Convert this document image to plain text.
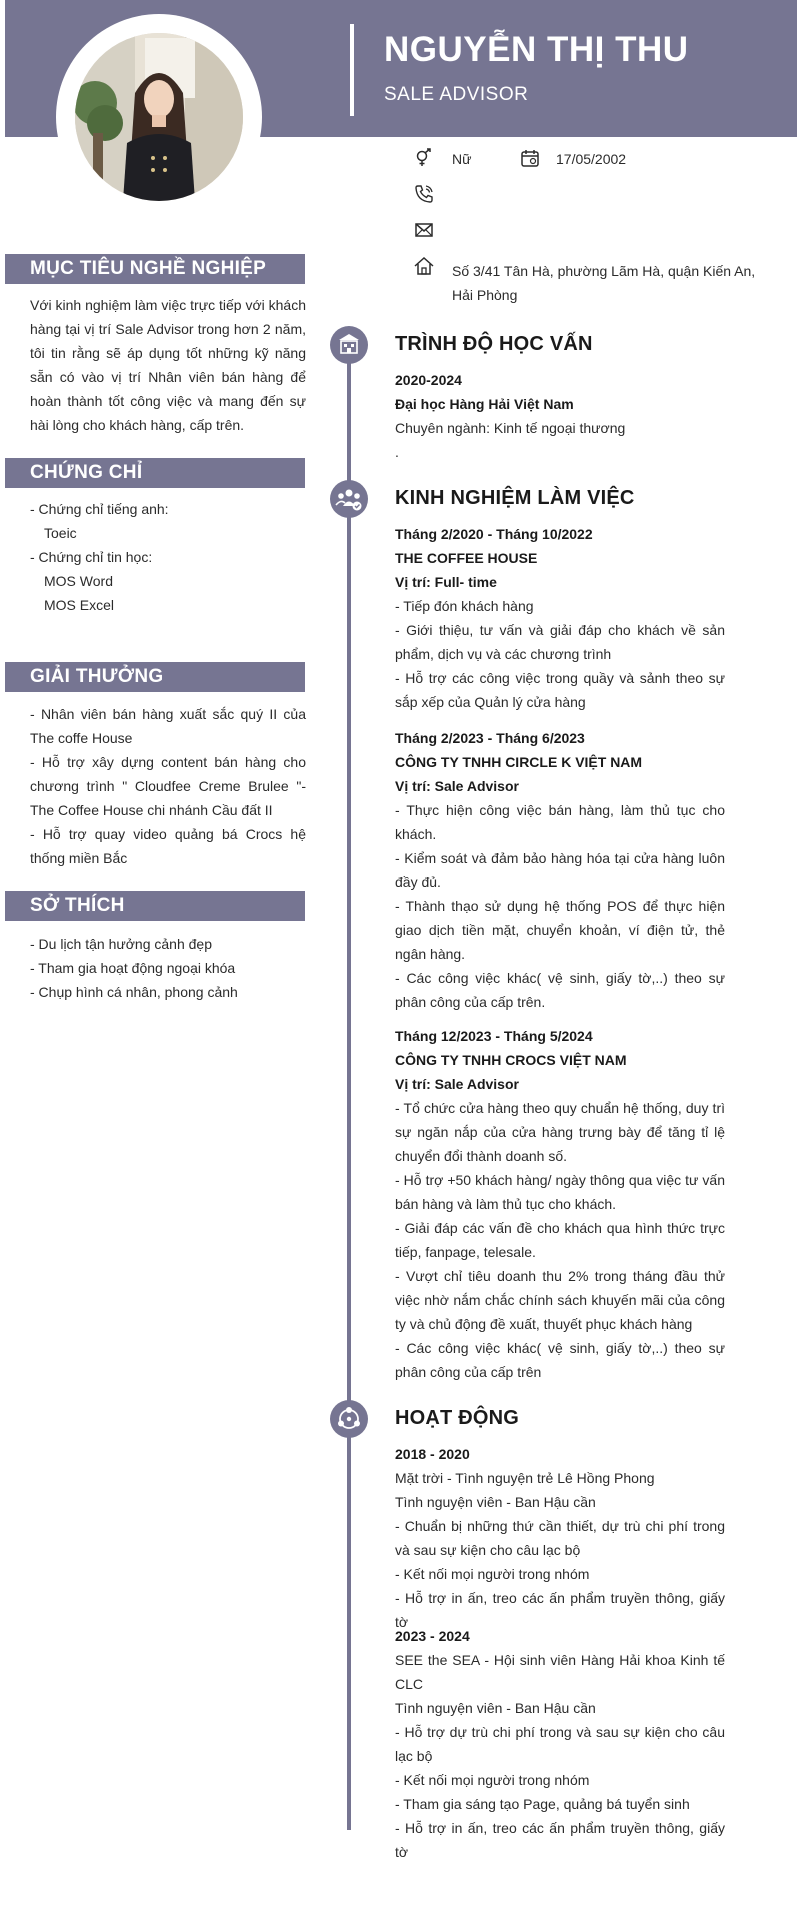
NGUYỄN THỊ THU
SALE ADVISOR
Nữ	17/05/2002
Số 3/41 Tân Hà, phường Lãm Hà, quận Kiến An,
Hải Phòng
MỤC TIÊU NGHỀ NGHIỆP
Với kinh nghiệm làm việc trực tiếp với khách hàng tại vị trí Sale Advisor trong hơn 2 năm, tôi tin rằng sẽ áp dụng tốt những kỹ năng sẵn có vào vị trí Nhân viên bán hàng để hoàn thành tốt công việc và mang đến sự hài lòng cho khách hàng, cấp trên.
CHỨNG CHỈ
- Chứng chỉ tiếng anh:
Toeic
- Chứng chỉ tin học:
MOS Word
MOS Excel
GIẢI THƯỞNG
- Nhân viên bán hàng xuất sắc quý II của The coffe House
- Hỗ trợ xây dựng content bán hàng cho chương trình " Cloudfee Creme Brulee "- The Coffee House chi nhánh Cầu đất II
- Hỗ trợ quay video quảng bá Crocs hệ thống miền Bắc
SỞ THÍCH
- Du lịch tận hưởng cảnh đẹp
- Tham gia hoạt động ngoại khóa
- Chụp hình cá nhân, phong cảnh
TRÌNH ĐỘ HỌC VẤN
2020-2024
Đại học Hàng Hải Việt Nam
Chuyên ngành: Kinh tế ngoại thương
.
KINH NGHIỆM LÀM VIỆC
Tháng 2/2020 - Tháng 10/2022
THE COFFEE HOUSE
Vị trí: Full- time
- Tiếp đón khách hàng
- Giới thiệu, tư vấn và giải đáp cho khách về sản phẩm, dịch vụ và các chương trình
- Hỗ trợ các công việc trong quầy và sảnh theo sự sắp xếp của Quản lý cửa hàng
Tháng 2/2023 - Tháng 6/2023
CÔNG TY TNHH CIRCLE K VIỆT NAM
Vị trí: Sale Advisor
- Thực hiện công việc bán hàng, làm thủ tục cho khách.
- Kiểm soát và đảm bảo hàng hóa tại cửa hàng luôn đầy đủ.
- Thành thạo sử dụng hệ thống POS để thực hiện giao dịch tiền mặt, chuyển khoản, ví điện tử, thẻ ngân hàng.
- Các công việc khác( vệ sinh, giấy tờ,..) theo sự phân công của cấp trên.
Tháng 12/2023 - Tháng 5/2024
CÔNG TY TNHH CROCS VIỆT NAM
Vị trí: Sale Advisor
- Tổ chức cửa hàng theo quy chuẩn hệ thống, duy trì sự ngăn nắp của cửa hàng trưng bày để tăng tỉ lệ chuyển đổi thành doanh số.
- Hỗ trợ +50 khách hàng/ ngày thông qua việc tư vấn bán hàng và làm thủ tục cho khách.
- Giải đáp các vấn đề cho khách qua hình thức trực tiếp, fanpage, telesale.
- Vượt chỉ tiêu doanh thu 2% trong tháng đầu thử việc nhờ nắm chắc chính sách khuyến mãi của công ty và chủ động đề xuất, thuyết phục khách hàng
- Các công việc khác( vệ sinh, giấy tờ,..) theo sự phân công của cấp trên
HOẠT ĐỘNG
2018 - 2020
Mặt trời - Tình nguyện trẻ Lê Hồng Phong
Tình nguyện viên - Ban Hậu cần
- Chuẩn bị những thứ cần thiết, dự trù chi phí trong và sau sự kiện cho câu lạc bộ
- Kết nối mọi người trong nhóm
- Hỗ trợ in ấn, treo các ấn phẩm truyền thông, giấy tờ
2023 - 2024
SEE the SEA - Hội sinh viên Hàng Hải khoa Kinh tế CLC
Tình nguyện viên - Ban Hậu cần
- Hỗ trợ dự trù chi phí trong và sau sự kiện cho câu lạc bộ
- Kết nối mọi người trong nhóm
- Tham gia sáng tạo Page, quảng bá tuyển sinh
- Hỗ trợ in ấn, treo các ấn phẩm truyền thông, giấy tờ
